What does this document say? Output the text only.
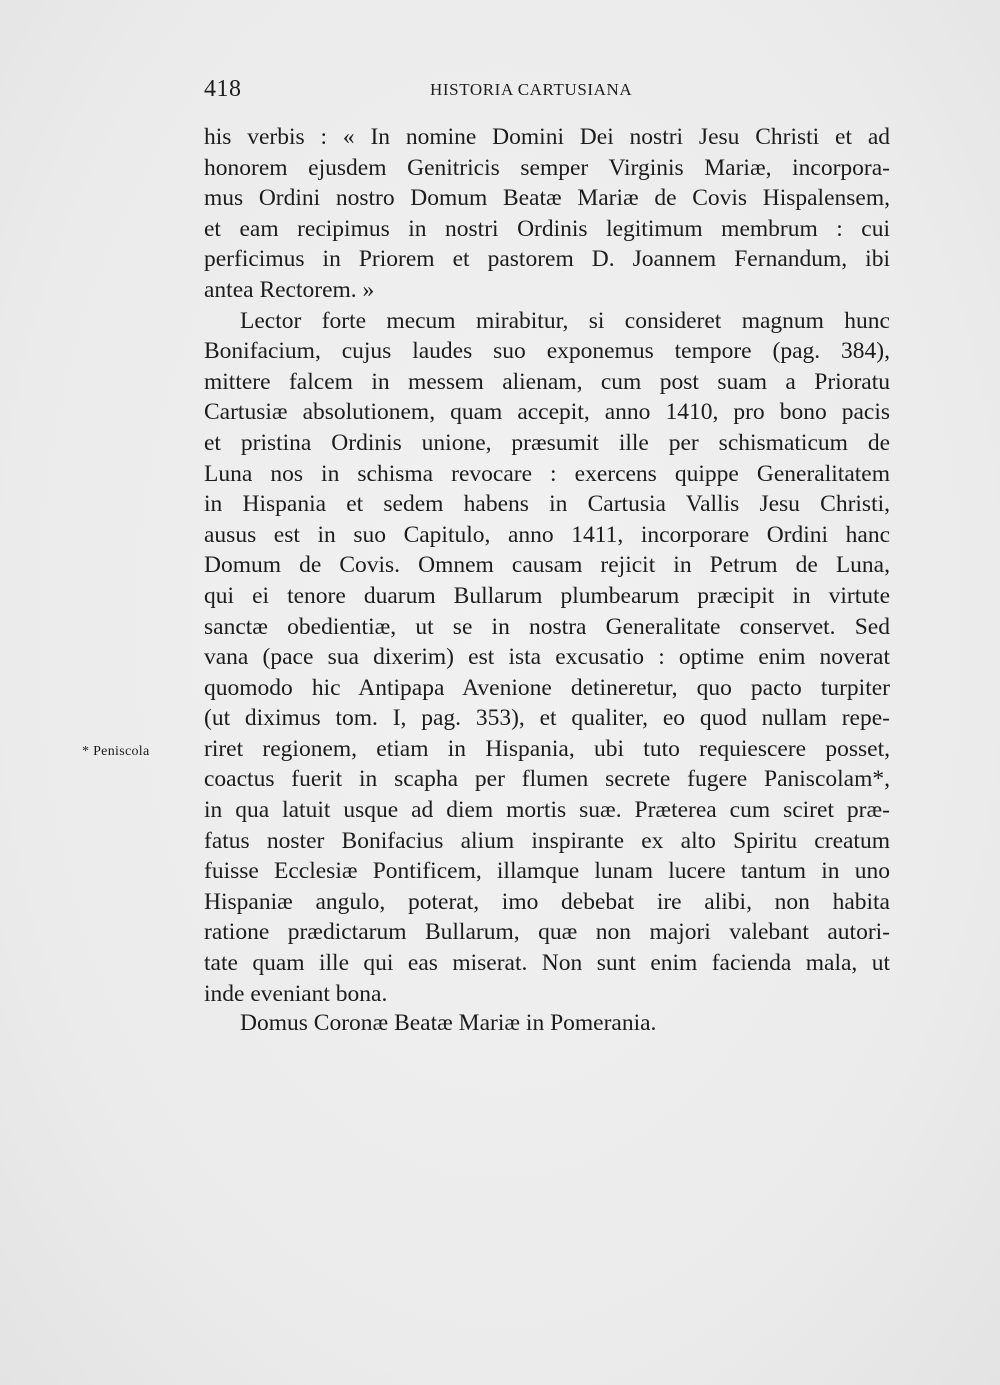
418	HISTORIA CARTUSIANA
* Peniscola
his verbis : « In nomine Domini Dei nostri Jesu Christi et ad
honorem ejusdem Genitricis semper Virginis Mariæ, incorpora-
mus Ordini nostro Domum Beatæ Mariæ de Covis Hispalensem,
et eam recipimus in nostri Ordinis legitimum membrum : cui
perficimus in Priorem et pastorem D. Joannem Fernandum, ibi
antea Rectorem. »
Lector forte mecum mirabitur, si consideret magnum hunc
Bonifacium, cujus laudes suo exponemus tempore (pag. 384),
mittere falcem in messem alienam, cum post suam a Prioratu
Cartusiæ absolutionem, quam accepit, anno 1410, pro bono pacis
et pristina Ordinis unione, præsumit ille per schismaticum de
Luna nos in schisma revocare : exercens quippe Generalitatem
in Hispania et sedem habens in Cartusia Vallis Jesu Christi,
ausus est in suo Capitulo, anno 1411, incorporare Ordini hanc
Domum de Covis. Omnem causam rejicit in Petrum de Luna,
qui ei tenore duarum Bullarum plumbearum præcipit in virtute
sanctæ obedientiæ, ut se in nostra Generalitate conservet. Sed
vana (pace sua dixerim) est ista excusatio : optime enim noverat
quomodo hic Antipapa Avenione detineretur, quo pacto turpiter
(ut diximus tom. I, pag. 353), et qualiter, eo quod nullam repe-
riret regionem, etiam in Hispania, ubi tuto requiescere posset,
coactus fuerit in scapha per flumen secrete fugere Paniscolam*,
in qua latuit usque ad diem mortis suæ. Præterea cum sciret præ-
fatus noster Bonifacius alium inspirante ex alto Spiritu creatum
fuisse Ecclesiæ Pontificem, illamque lunam lucere tantum in uno
Hispaniæ angulo, poterat, imo debebat ire alibi, non habita
ratione prædictarum Bullarum, quæ non majori valebant autori-
tate quam ille qui eas miserat. Non sunt enim facienda mala, ut
inde eveniant bona.
Domus Coronæ Beatæ Mariæ in Pomerania.
